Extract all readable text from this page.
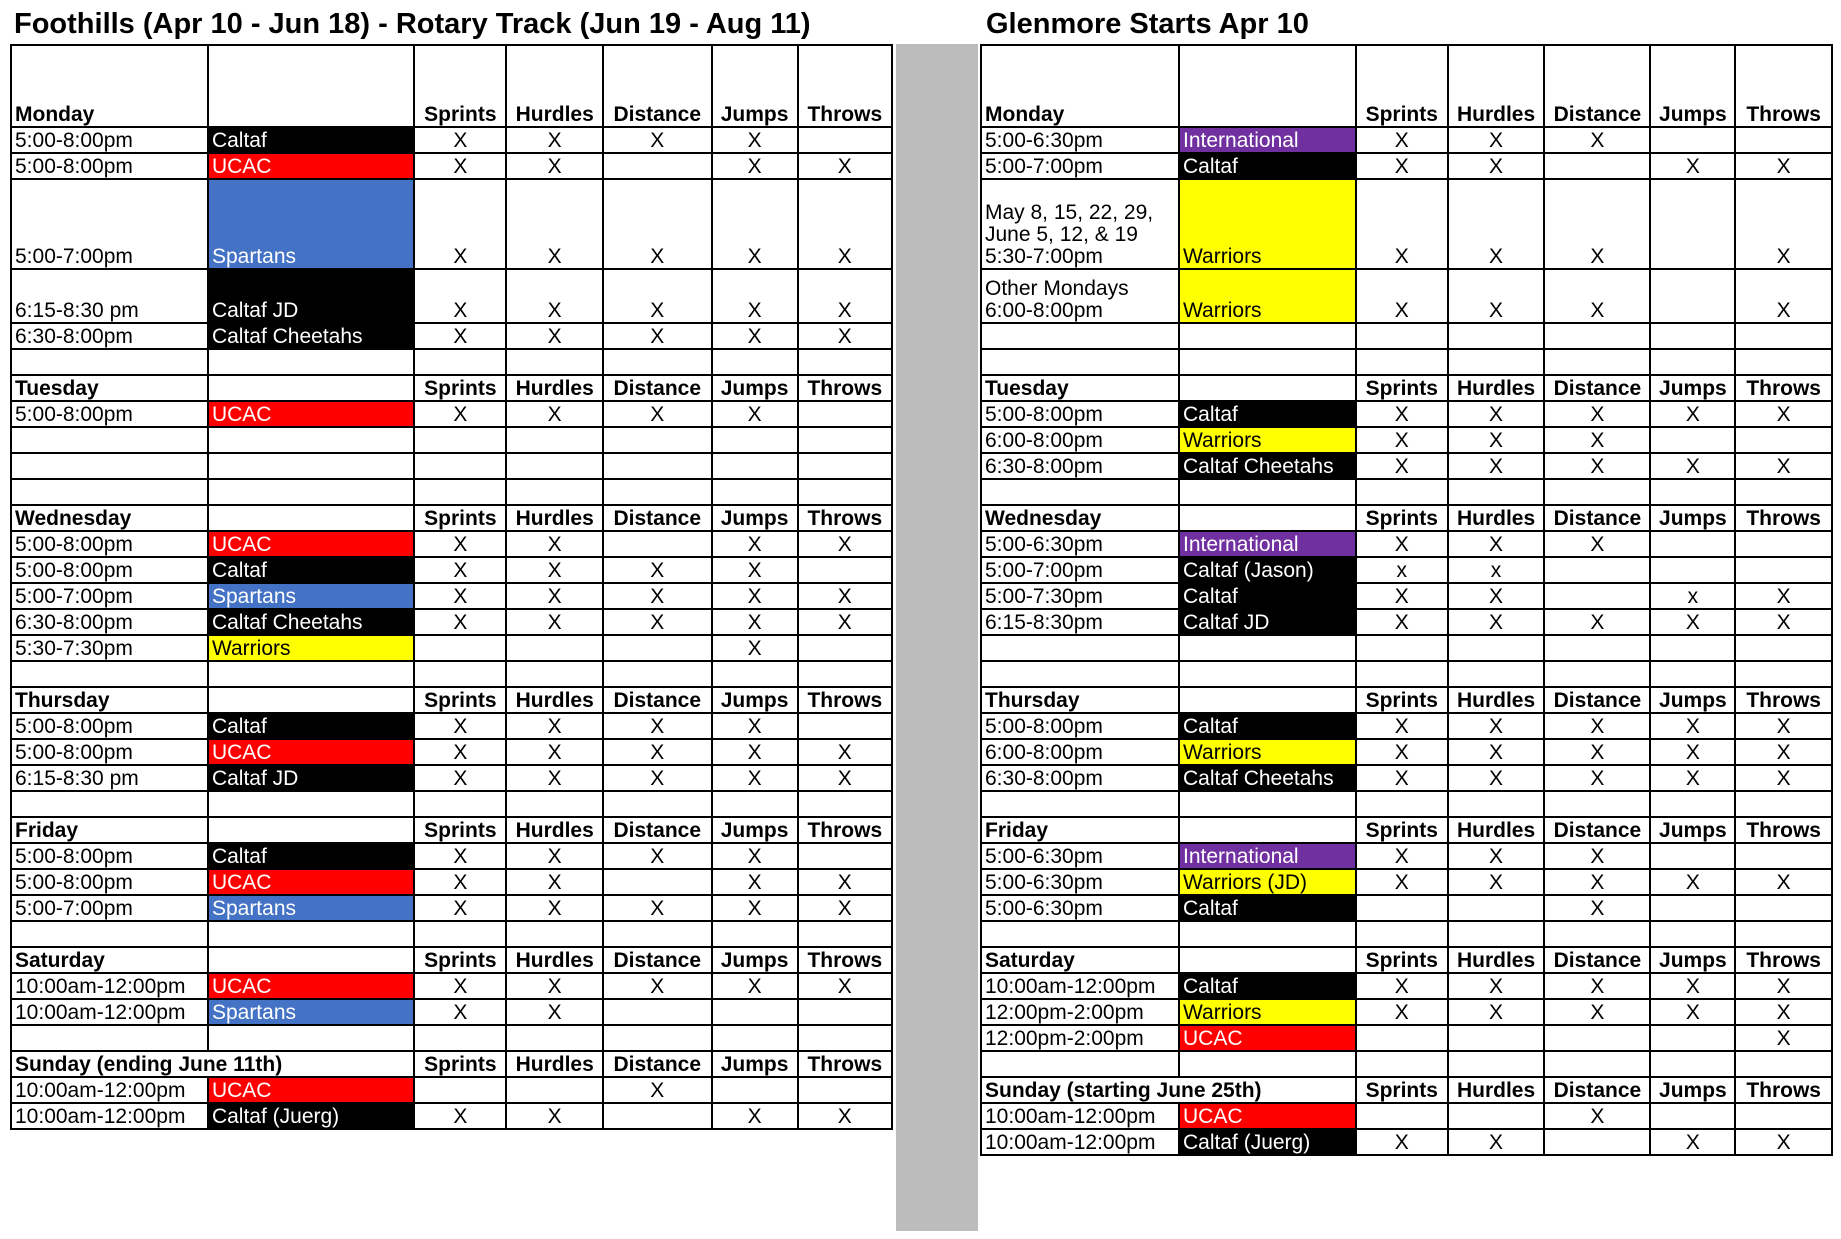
Foothills (Apr 10 - Jun 18) - Rotary Track (Jun 19 - Aug 11)	Glenmore Starts Apr 10
Monday		Sprints	Hurdles	Distance	Jumps	Throws
5:00-8:00pm	Caltaf	X	X	X	X	
5:00-8:00pm	UCAC	X	X		X	X
5:00-7:00pm	Spartans	X	X	X	X	X
6:15-8:30 pm	Caltaf JD	X	X	X	X	X
6:30-8:00pm	Caltaf Cheetahs	X	X	X	X	X

Tuesday		Sprints	Hurdles	Distance	Jumps	Throws
5:00-8:00pm	UCAC	X	X	X	X	

Wednesday		Sprints	Hurdles	Distance	Jumps	Throws
5:00-8:00pm	UCAC	X	X		X	X
5:00-8:00pm	Caltaf	X	X	X	X	
5:00-7:00pm	Spartans	X	X	X	X	X
6:30-8:00pm	Caltaf Cheetahs	X	X	X	X	X
5:30-7:30pm	Warriors				X	

Thursday		Sprints	Hurdles	Distance	Jumps	Throws
5:00-8:00pm	Caltaf	X	X	X	X	
5:00-8:00pm	UCAC	X	X	X	X	X
6:15-8:30 pm	Caltaf JD	X	X	X	X	X

Friday		Sprints	Hurdles	Distance	Jumps	Throws
5:00-8:00pm	Caltaf	X	X	X	X	
5:00-8:00pm	UCAC	X	X		X	X
5:00-7:00pm	Spartans	X	X	X	X	X

Saturday		Sprints	Hurdles	Distance	Jumps	Throws
10:00am-12:00pm	UCAC	X	X	X	X	X
10:00am-12:00pm	Spartans	X	X			

Sunday (ending June 11th)		Sprints	Hurdles	Distance	Jumps	Throws
10:00am-12:00pm	UCAC			X		
10:00am-12:00pm	Caltaf (Juerg)	X	X		X	X
Monday		Sprints	Hurdles	Distance	Jumps	Throws
5:00-6:30pm	International	X	X	X		
5:00-7:00pm	Caltaf	X	X		X	X
May 8, 15, 22, 29,
June 5, 12, & 19
5:30-7:00pm	Warriors	X	X	X		X
Other Mondays
6:00-8:00pm	Warriors	X	X	X		X

Tuesday		Sprints	Hurdles	Distance	Jumps	Throws
5:00-8:00pm	Caltaf	X	X	X	X	X
6:00-8:00pm	Warriors	X	X	X		
6:30-8:00pm	Caltaf Cheetahs	X	X	X	X	X

Wednesday		Sprints	Hurdles	Distance	Jumps	Throws
5:00-6:30pm	International	X	X	X		
5:00-7:00pm	Caltaf (Jason)	x	x			
5:00-7:30pm	Caltaf	X	X		x	X
6:15-8:30pm	Caltaf JD	X	X	X	X	X

Thursday		Sprints	Hurdles	Distance	Jumps	Throws
5:00-8:00pm	Caltaf	X	X	X	X	X
6:00-8:00pm	Warriors	X	X	X	X	X
6:30-8:00pm	Caltaf Cheetahs	X	X	X	X	X

Friday		Sprints	Hurdles	Distance	Jumps	Throws
5:00-6:30pm	International	X	X	X		
5:00-6:30pm	Warriors (JD)	X	X	X	X	X
5:00-6:30pm	Caltaf			X		

Saturday		Sprints	Hurdles	Distance	Jumps	Throws
10:00am-12:00pm	Caltaf	X	X	X	X	X
12:00pm-2:00pm	Warriors	X	X	X	X	X
12:00pm-2:00pm	UCAC					X

Sunday (starting June 25th)		Sprints	Hurdles	Distance	Jumps	Throws
10:00am-12:00pm	UCAC			X		
10:00am-12:00pm	Caltaf (Juerg)	X	X		X	X
